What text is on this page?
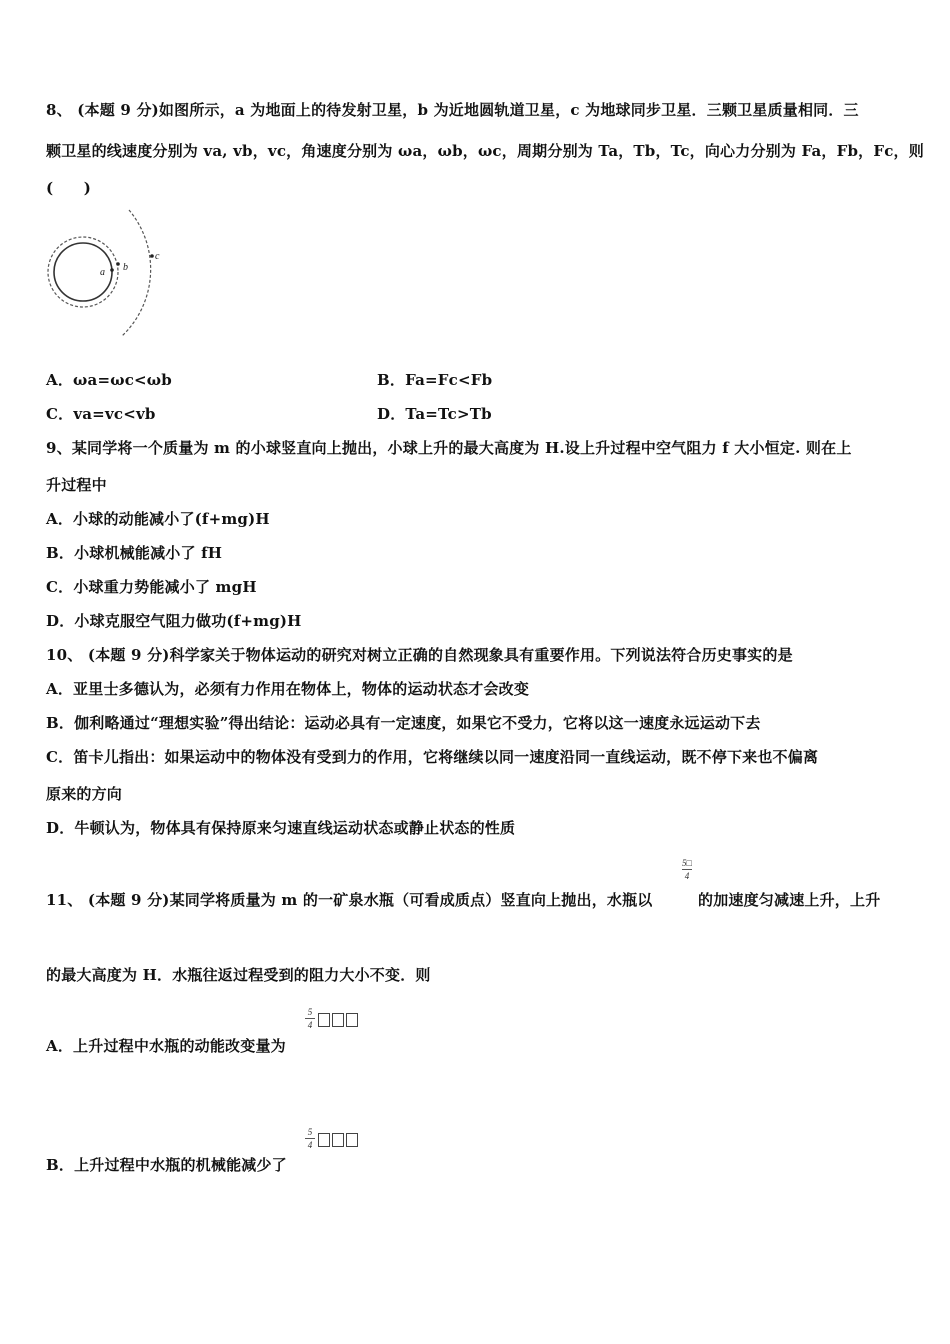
8、 (本题 9 分)如图所示，a 为地面上的待发射卫星，b 为近地圆轨道卫星，c 为地球同步卫星．三颗卫星质量相同．三
颗卫星的线速度分别为 va, vb，vc，角速度分别为 ωa，ωb，ωc，周期分别为 Ta，Tb，Tc，向心力分别为 Fa，Fb，Fc，则
(　　)
a b
c
A．ωa=ωc<ωb	B．Fa=Fc<Fb
C．va=vc<vb	D．Ta=Tc>Tb
9、某同学将一个质量为 m 的小球竖直向上抛出，小球上升的最大高度为 H.设上升过程中空气阻力 f 大小恒定. 则在上
升过程中
A．小球的动能减小了(f+mg)H
B．小球机械能减小了 fH
C．小球重力势能减小了 mgH
D．小球克服空气阻力做功(f+mg)H
10、 (本题 9 分)科学家关于物体运动的研究对树立正确的自然现象具有重要作用。下列说法符合历史事实的是
A．亚里士多德认为，必须有力作用在物体上，物体的运动状态才会改变
B．伽利略通过“理想实验”得出结论：运动必具有一定速度，如果它不受力，它将以这一速度永远运动下去
C．笛卡儿指出：如果运动中的物体没有受到力的作用，它将继续以同一速度沿同一直线运动，既不停下来也不偏离
原来的方向
D．牛顿认为，物体具有保持原来匀速直线运动状态或静止状态的性质
11、 (本题 9 分)某同学将质量为 m 的一矿泉水瓶（可看成质点）竖直向上抛出，水瓶以
5□
4
的加速度匀减速上升，上升
的最大高度为 H．水瓶往返过程受到的阻力大小不变．则
5
4
A．上升过程中水瓶的动能改变量为
5
4
B．上升过程中水瓶的机械能减少了
